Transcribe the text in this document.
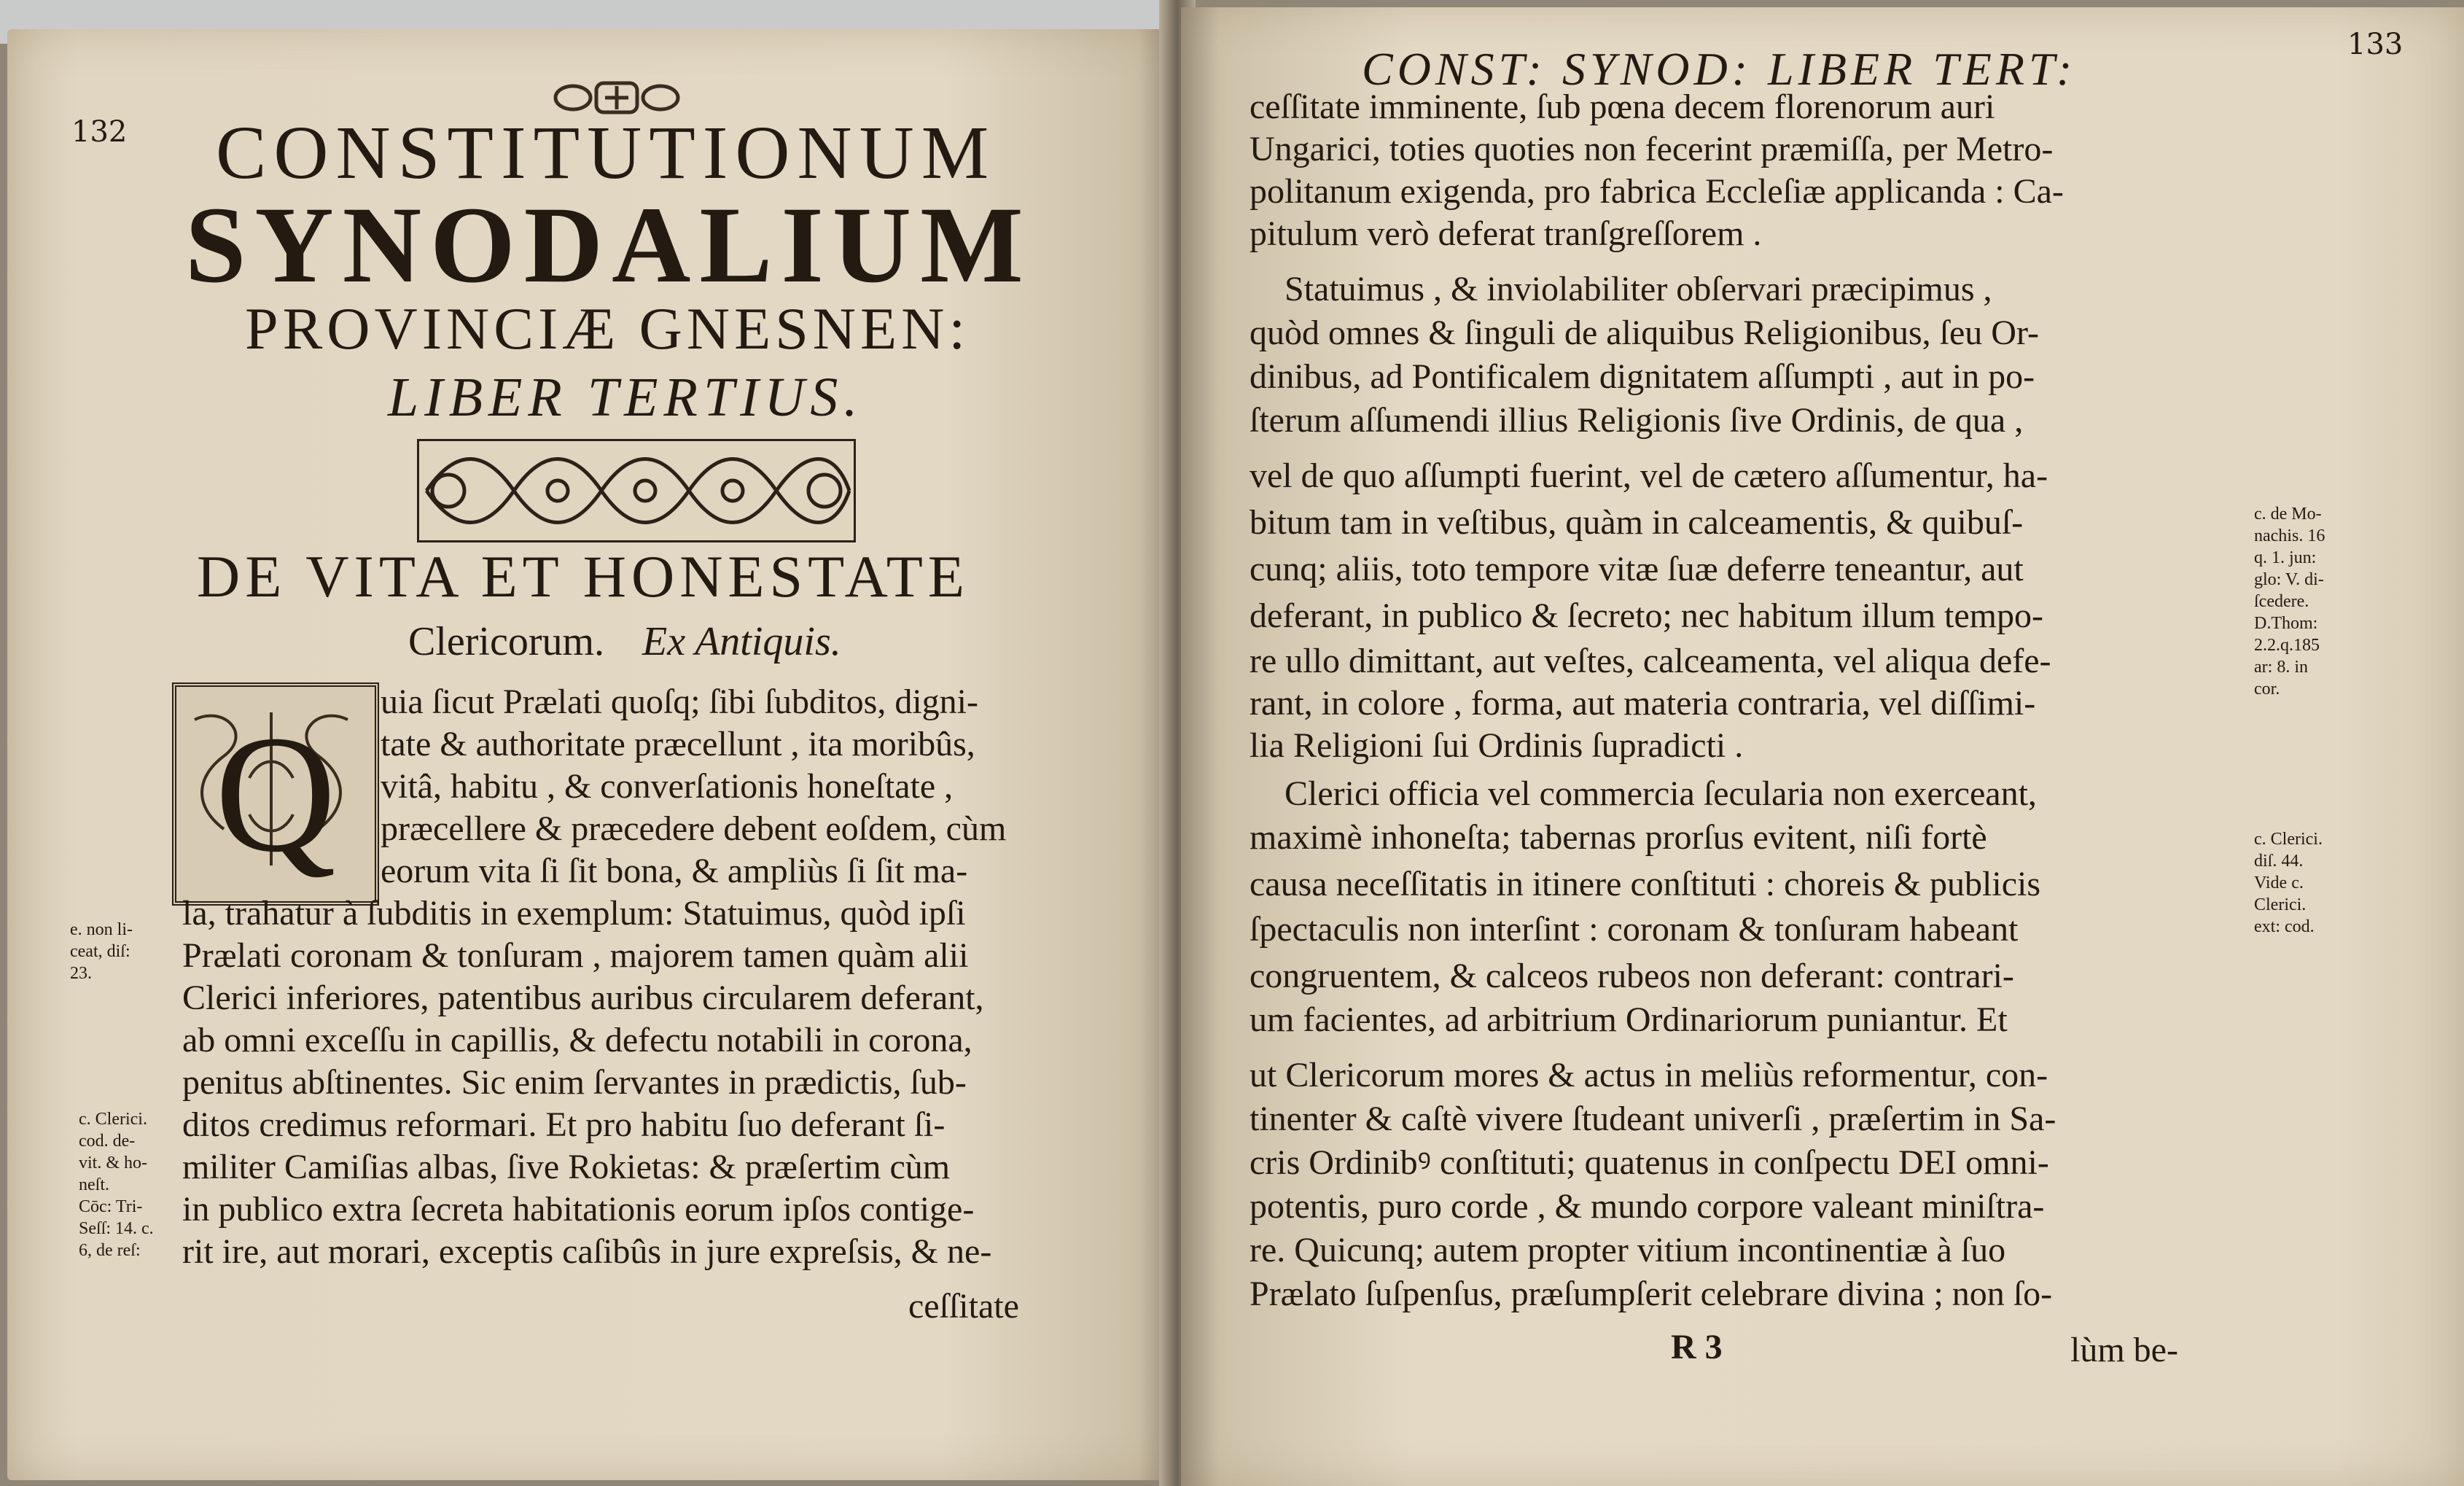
132 CONSTITUTIONUM
SYNODALIUM
PROVINCIÆ GNESNEN:
LIBER TERTIUS.
DE VITA ET HONESTATE
Clericorum. Ex Antiquis.
Q uia ſicut Prælati quoſq; ſibi ſubditos, digni-
tate & authoritate præcellunt , ita moribûs,
vitâ, habitu , & converſationis honeſtate ,
præcellere & præcedere debent eoſdem, cùm
eorum vita ſi ſit bona, & ampliùs ſi ſit ma-
la, trahatur à ſubditis in exemplum: Statuimus, quòd ipſi
Prælati coronam & tonſuram , majorem tamen quàm alii
Clerici inferiores, patentibus auribus circularem deferant,
ab omni exceſſu in capillis, & defectu notabili in corona,
penitus abſtinentes. Sic enim ſervantes in prædictis, ſub-
ditos credimus reformari. Et pro habitu ſuo deferant ſi-
militer Camiſias albas, ſive Rokietas: & præſertim cùm
in publico extra ſecreta habitationis eorum ipſos contige-
rit ire, aut morari, exceptis caſibûs in jure expreſsis, & ne-
ceſſitate
e. non li-
ceat, diſ:
23.
c. Clerici.
cod. de-
vit. & ho-
neſt.
Cōc: Tri-
Seſſ: 14. c.
6, de reſ:
CONST: SYNOD: LIBER TERT:	133
ceſſitate imminente, ſub pœna decem florenorum auri
Ungarici, toties quoties non fecerint præmiſſa, per Metro-
politanum exigenda, pro fabrica Eccleſiæ applicanda : Ca-
pitulum verò deferat tranſgreſſorem .
Statuimus , & inviolabiliter obſervari præcipimus ,
quòd omnes & ſinguli de aliquibus Religionibus, ſeu Or-
dinibus, ad Pontificalem dignitatem aſſumpti , aut in po-
ſterum aſſumendi illius Religionis ſive Ordinis, de qua ,
vel de quo aſſumpti fuerint, vel de cætero aſſumentur, ha-
bitum tam in veſtibus, quàm in calceamentis, & quibuſ-
cunq; aliis, toto tempore vitæ ſuæ deferre teneantur, aut
deferant, in publico & ſecreto; nec habitum illum tempo-
re ullo dimittant, aut veſtes, calceamenta, vel aliqua defe-
rant, in colore , forma, aut materia contraria, vel diſſimi-
lia Religioni ſui Ordinis ſupradicti .
Clerici officia vel commercia ſecularia non exerceant,
maximè inhoneſta; tabernas prorſus evitent, niſi fortè
causa neceſſitatis in itinere conſtituti : choreis & publicis
ſpectaculis non interſint : coronam & tonſuram habeant
congruentem, & calceos rubeos non deferant: contrari-
um facientes, ad arbitrium Ordinariorum puniantur. Et
ut Clericorum mores & actus in meliùs reformentur, con-
tinenter & caſtè vivere ſtudeant univerſi , præſertim in Sa-
cris Ordinibꝰ conſtituti; quatenus in conſpectu DEI omni-
potentis, puro corde , & mundo corpore valeant miniſtra-
re. Quicunq; autem propter vitium incontinentiæ à ſuo
Prælato ſuſpenſus, præſumpſerit celebrare divina ; non ſo-
R 3	lùm be-
c. de Mo-
nachis. 16
q. 1. jun:
glo: V. di-
ſcedere.
D.Thom:
2.2.q.185
ar: 8. in
cor.
c. Clerici.
diſ. 44.
Vide c.
Clerici.
ext: cod.
